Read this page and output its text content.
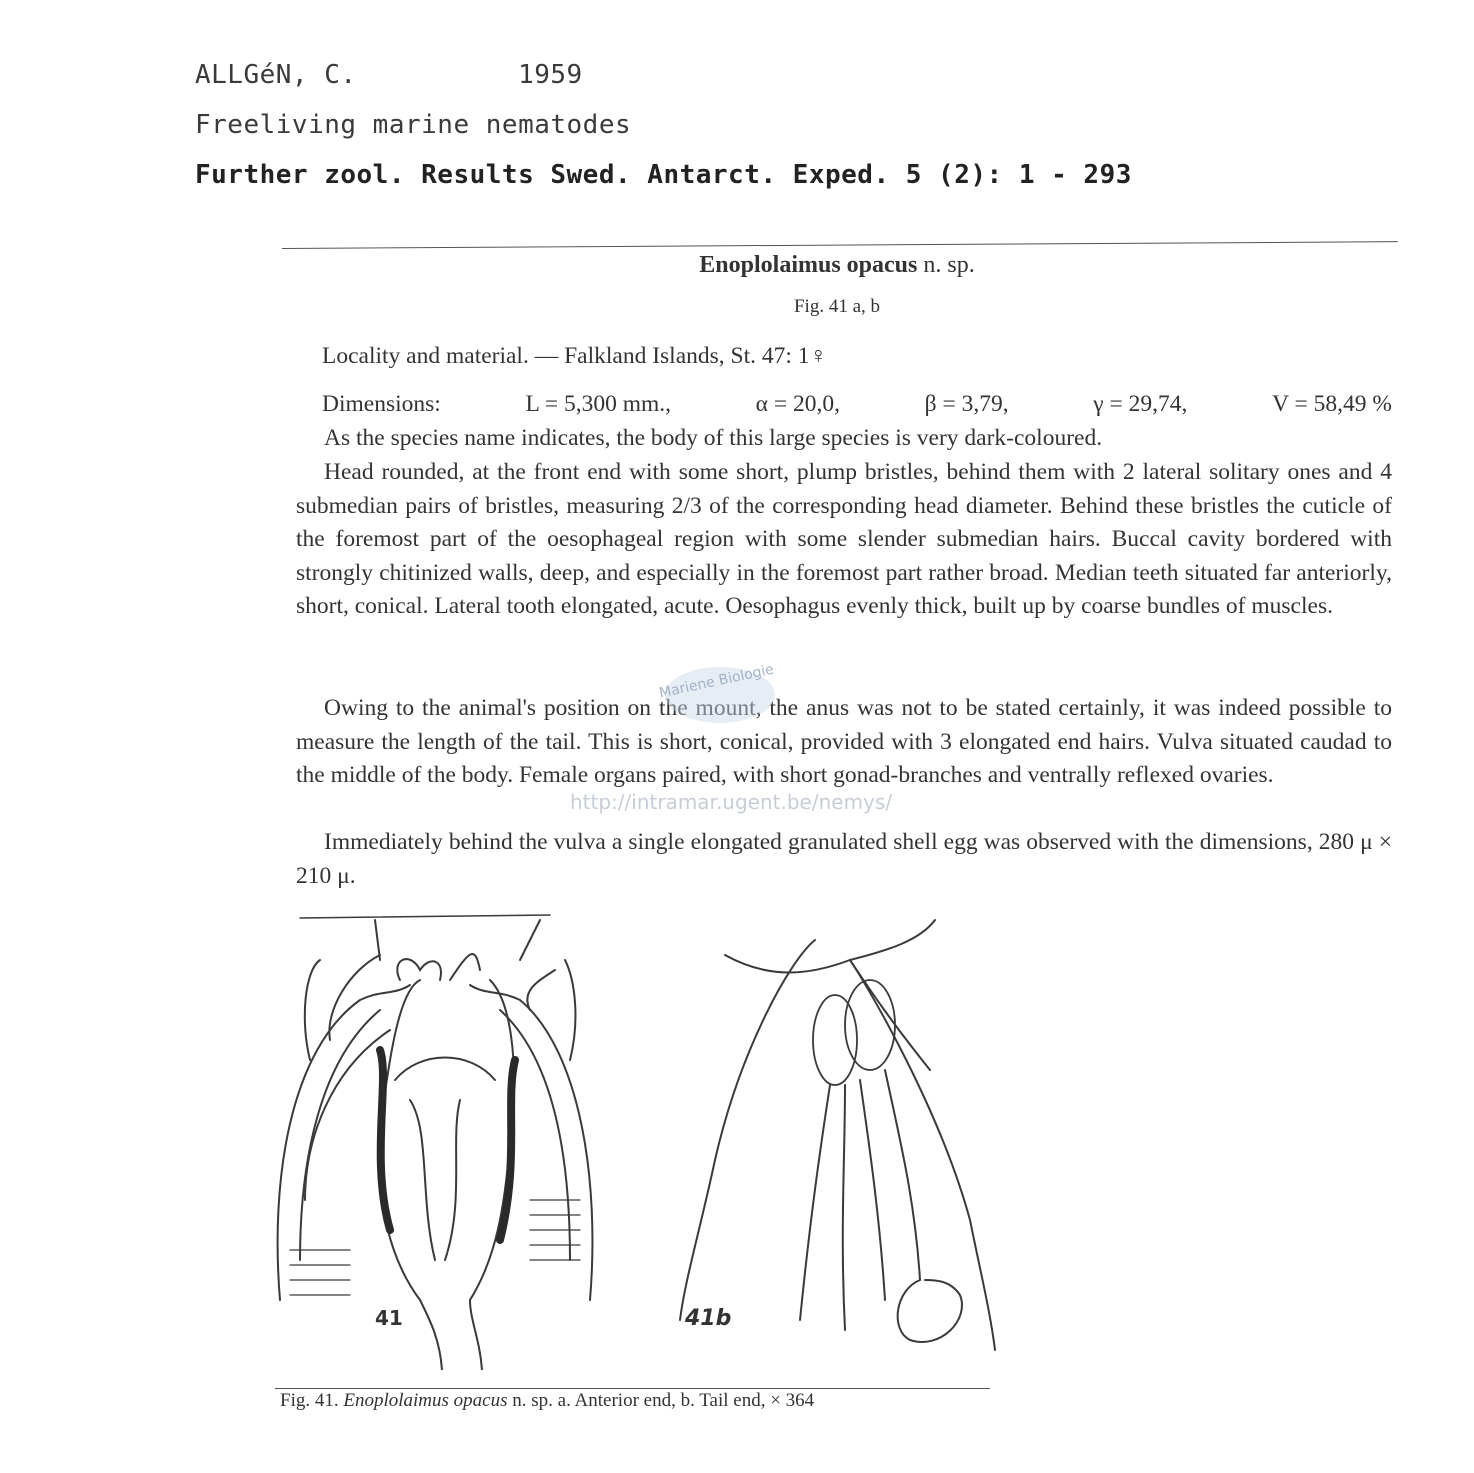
ALLGéN, C.	1959
Freeliving marine nematodes
Further zool. Results Swed. Antarct. Exped. 5 (2): 1 - 293
Enoplolaimus opacus n. sp.
Fig. 41 a, b

Locality and material. — Falkland Islands, St. 47: 1♀

Dimensions:	L = 5,300 mm.,	α = 20,0,	β = 3,79,	γ = 29,74,	V = 58,49 %

As the species name indicates, the body of this large species is very dark-coloured.

Head rounded, at the front end with some short, plump bristles, behind them with 2 lateral solitary ones and 4 submedian pairs of bristles, measuring 2/3 of the corresponding head diameter. Behind these bristles the cuticle of the foremost part of the oesophageal region with some slender submedian hairs. Buccal cavity bordered with strongly chitinized walls, deep, and especially in the foremost part rather broad. Median teeth situated far anteriorly, short, conical. Lateral tooth elongated, acute. Oesophagus evenly thick, built up by coarse bundles of muscles.

Owing to the animal's position on the mount, the anus was not to be stated certainly, it was indeed possible to measure the length of the tail. This is short, conical, provided with 3 elongated end hairs. Vulva situated caudad to the middle of the body. Female organs paired, with short gonad-branches and ventrally reflexed ovaries.

Immediately behind the vulva a single elongated granulated shell egg was observed with the dimensions, 280 μ × 210 μ.

Mariene Biologie
http://intramar.ugent.be/nemys/
41	41b
Fig. 41. Enoplolaimus opacus n. sp. a. Anterior end, b. Tail end, × 364
